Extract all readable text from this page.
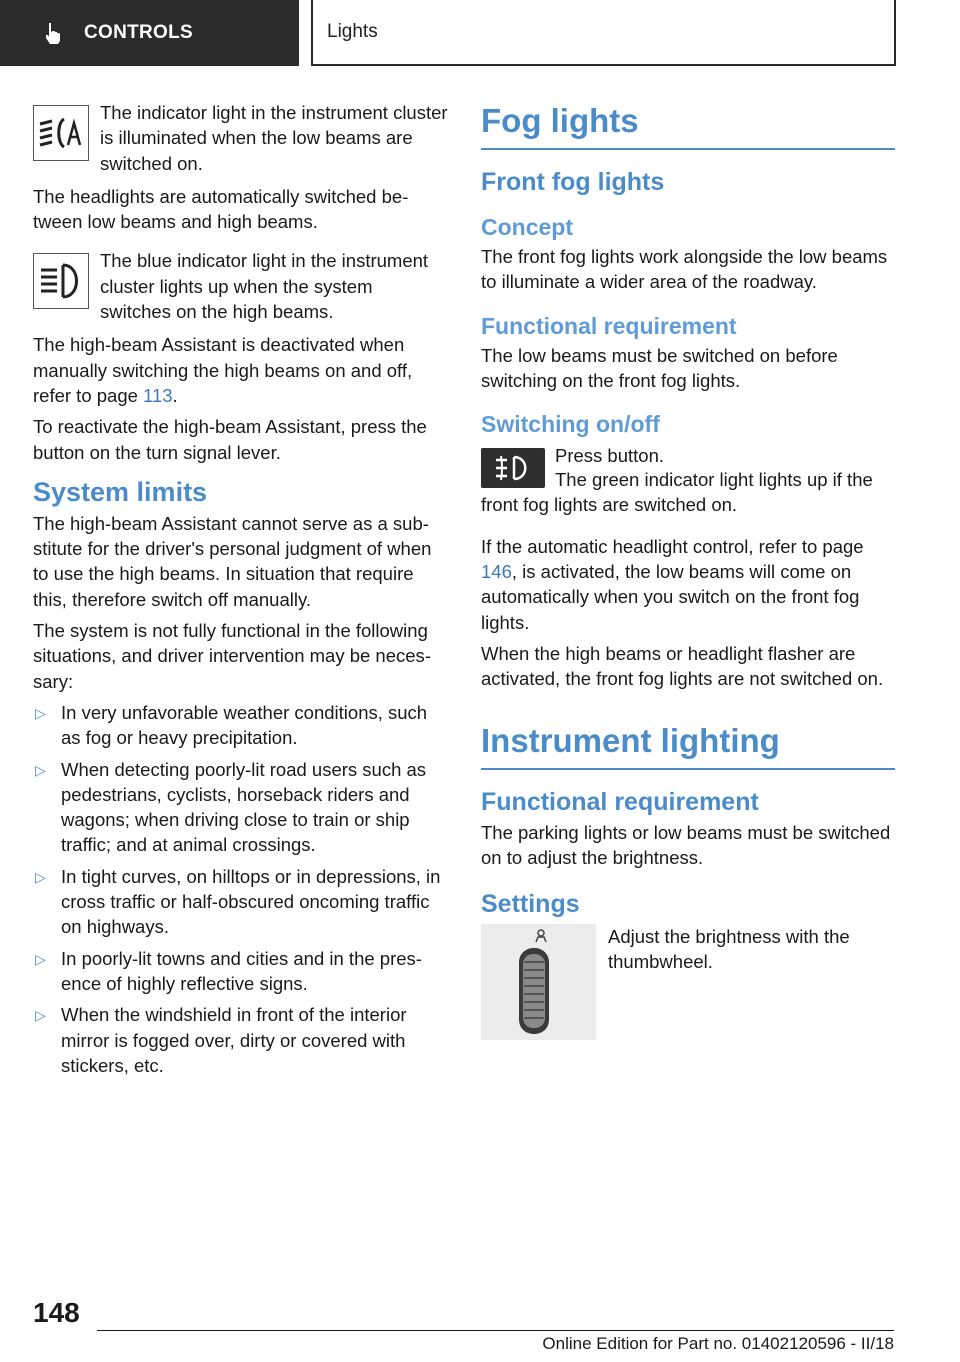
CONTROLS	Lights

The indicator light in the instrument cluster is illuminated when the low beams are switched on.

The headlights are automatically switched between low beams and high beams.

The blue indicator light in the instrument cluster lights up when the system switches on the high beams.

The high-beam Assistant is deactivated when manually switching the high beams on and off, refer to page 113.

To reactivate the high-beam Assistant, press the button on the turn signal lever.

System limits

The high-beam Assistant cannot serve as a substitute for the driver's personal judgment of when to use the high beams. In situation that require this, therefore switch off manually.

The system is not fully functional in the following situations, and driver intervention may be necessary:

▷ In very unfavorable weather conditions, such as fog or heavy precipitation.
▷ When detecting poorly-lit road users such as pedestrians, cyclists, horseback riders and wagons; when driving close to train or ship traffic; and at animal crossings.
▷ In tight curves, on hilltops or in depressions, in cross traffic or half-obscured oncoming traffic on highways.
▷ In poorly-lit towns and cities and in the presence of highly reflective signs.
▷ When the windshield in front of the interior mirror is fogged over, dirty or covered with stickers, etc.
Fog lights
Front fog lights
Concept

The front fog lights work alongside the low beams to illuminate a wider area of the roadway.

Functional requirement

The low beams must be switched on before switching on the front fog lights.

Switching on/off

Press button.

The green indicator light lights up if the front fog lights are switched on.

If the automatic headlight control, refer to page 146, is activated, the low beams will come on automatically when you switch on the front fog lights.

When the high beams or headlight flasher are activated, the front fog lights are not switched on.

Instrument lighting
Functional requirement

The parking lights or low beams must be switched on to adjust the brightness.

Settings

Adjust the brightness with the thumbwheel.

148
Online Edition for Part no. 01402120596 - II/18
